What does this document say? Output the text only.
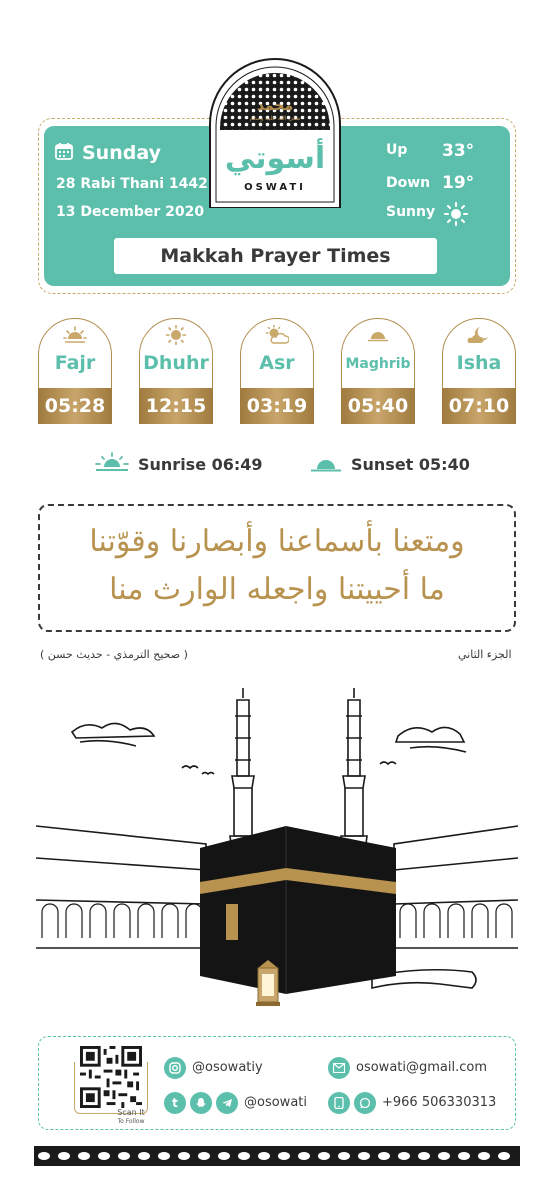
Sunday
28 Rabi Thani 1442
13 December 2020
Up 33°
Down 19°
Sunny
Makkah Prayer Times
محمد
صلى الله عليه وسلم
أسوتي
OSWATI
Fajr
05:28
Dhuhr
12:15
Asr
03:19
Maghrib
05:40
Isha
07:10
Sunrise 06:49	Sunset 05:40
ومتعنا بأسماعنا وأبصارنا وقوّتنا
ما أحييتنا واجعله الوارث منا
( صحيح الترمذي - حديث حسن )	الجزء الثاني
Scan It
To Follow
@osowatiy
t	@osowati
osowati@gmail.com
+966 506330313
